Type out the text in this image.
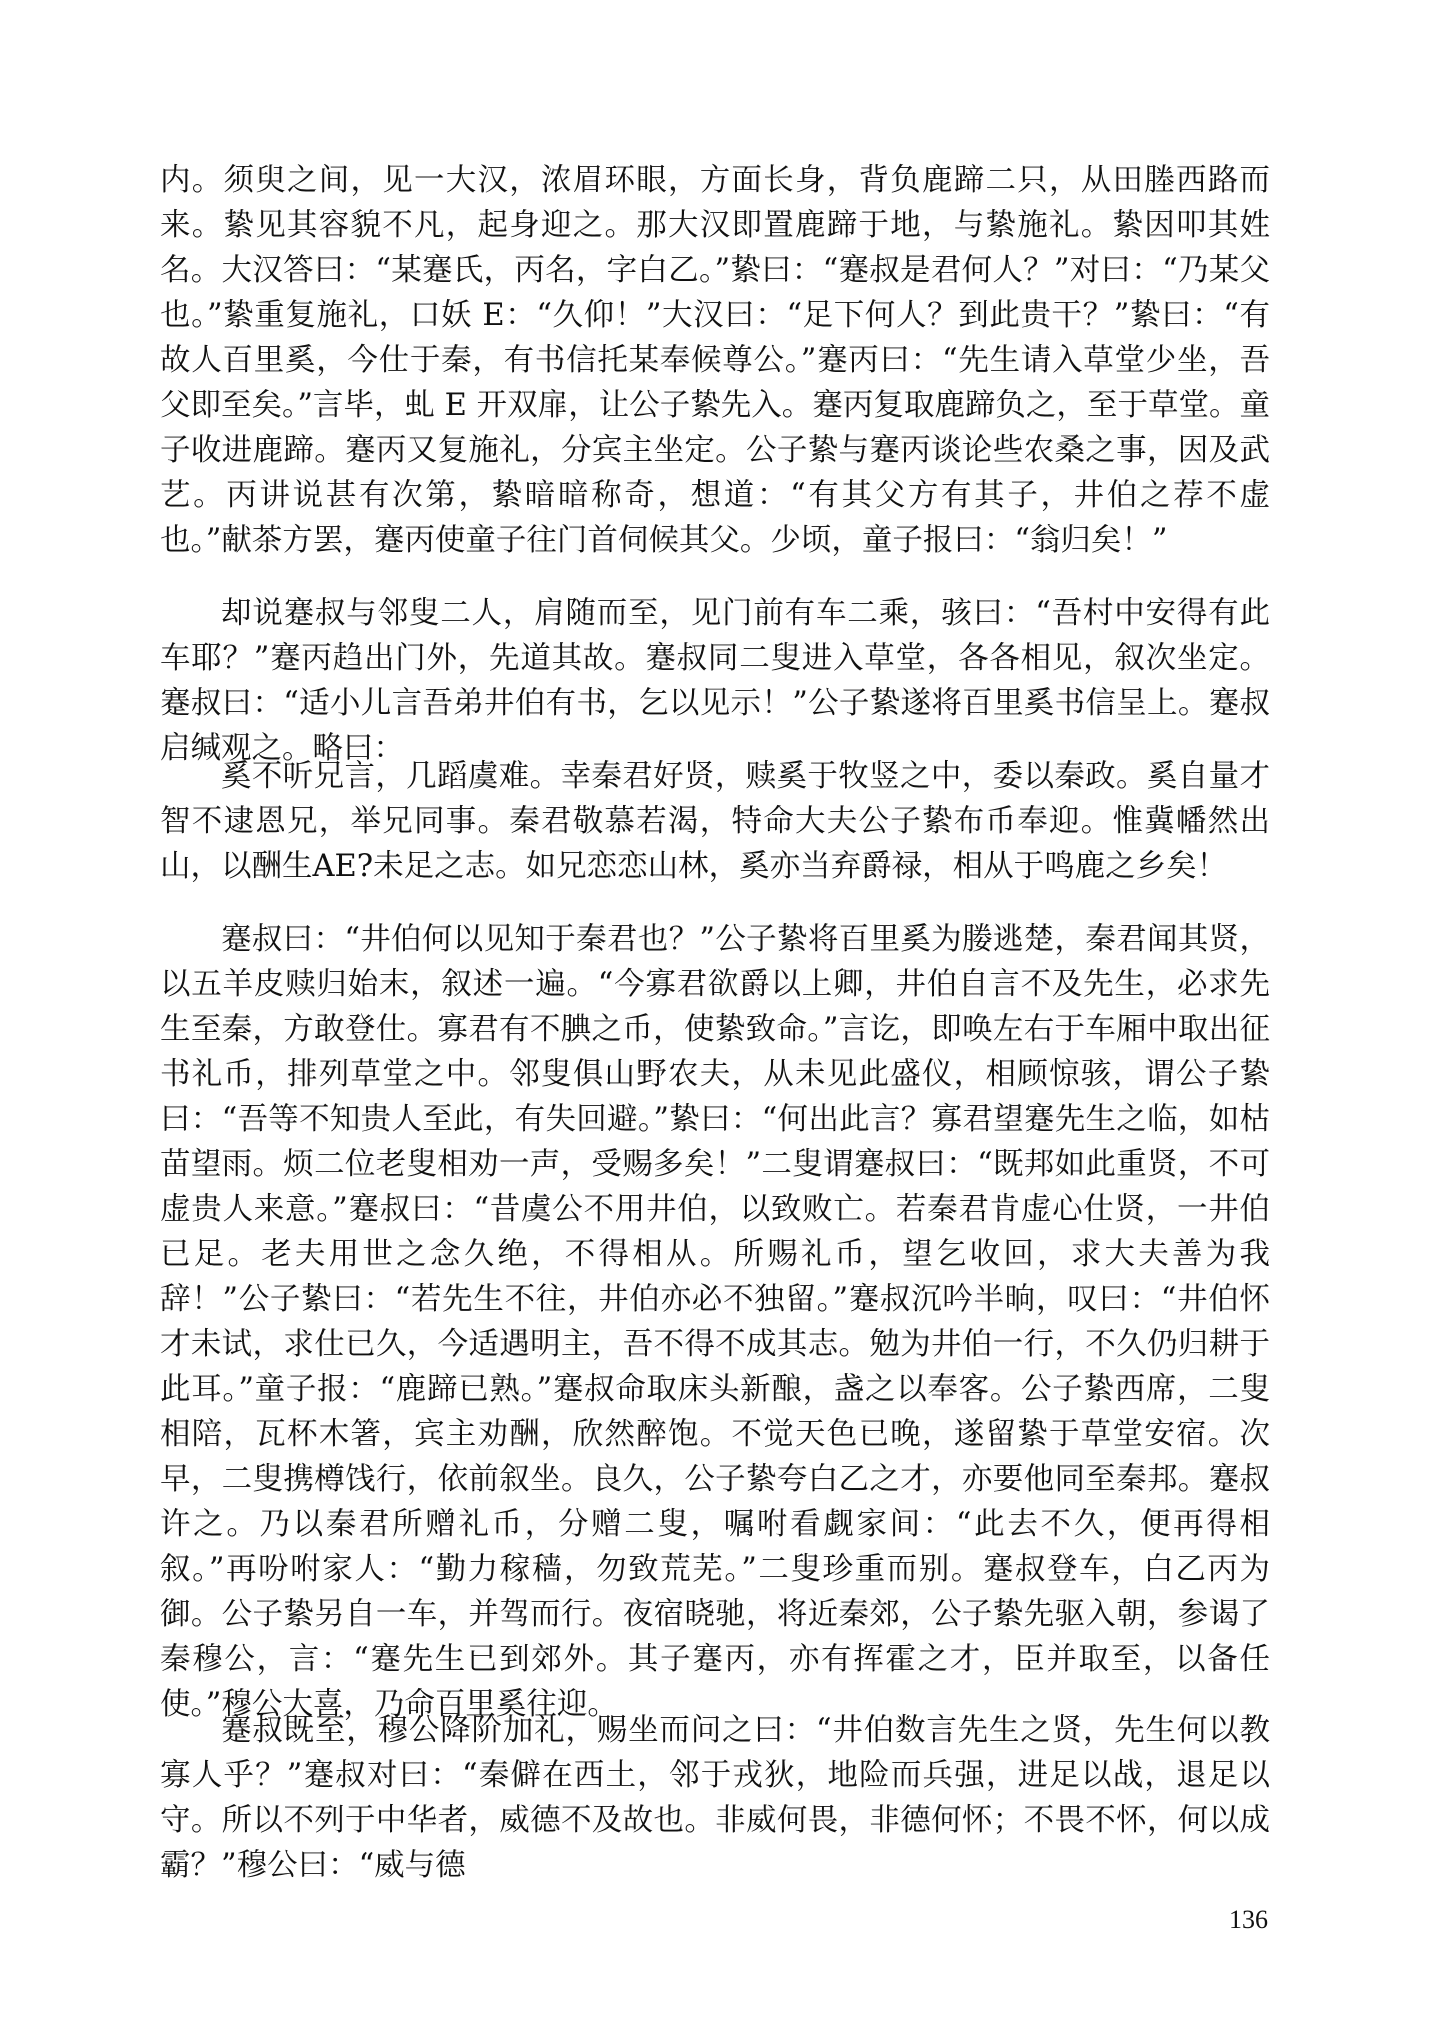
内。须臾之间，见一大汉，浓眉环眼，方面长身，背负鹿蹄二只，从田塍西路而来。絷见其容貌不凡，起身迎之。那大汉即置鹿蹄于地，与絷施礼。絷因叩其姓名。大汉答曰：“某蹇氏，丙名，字白乙。”絷曰：“蹇叔是君何人？”对曰：“乃某父也。”絷重复施礼，口妖 E：“久仰！”大汉曰：“足下何人？到此贵干？”絷曰：“有故人百里奚，今仕于秦，有书信托某奉候尊公。”蹇丙曰：“先生请入草堂少坐，吾父即至矣。”言毕，虬 E 开双扉，让公子絷先入。蹇丙复取鹿蹄负之，至于草堂。童子收进鹿蹄。蹇丙又复施礼，分宾主坐定。公子絷与蹇丙谈论些农桑之事，因及武艺。丙讲说甚有次第，絷暗暗称奇，想道：“有其父方有其子，井伯之荐不虚也。”献茶方罢，蹇丙使童子往门首伺候其父。少顷，童子报曰：“翁归矣！”

却说蹇叔与邻叟二人，肩随而至，见门前有车二乘，骇曰：“吾村中安得有此车耶？”蹇丙趋出门外，先道其故。蹇叔同二叟进入草堂，各各相见，叙次坐定。蹇叔曰：“适小儿言吾弟井伯有书，乞以见示！”公子絷遂将百里奚书信呈上。蹇叔启缄观之。略曰：

奚不听兄言，几蹈虞难。幸秦君好贤，赎奚于牧竖之中，委以秦政。奚自量才智不逮恩兄，举兄同事。秦君敬慕若渴，特命大夫公子絷布币奉迎。惟冀幡然出山，以酬生AE?未足之志。如兄恋恋山林，奚亦当弃爵禄，相从于鸣鹿之乡矣！

蹇叔曰：“井伯何以见知于秦君也？”公子絷将百里奚为媵逃楚，秦君闻其贤，以五羊皮赎归始末，叙述一遍。“今寡君欲爵以上卿，井伯自言不及先生，必求先生至秦，方敢登仕。寡君有不腆之币，使絷致命。”言讫，即唤左右于车厢中取出征书礼币，排列草堂之中。邻叟俱山野农夫，从未见此盛仪，相顾惊骇，谓公子絷曰：“吾等不知贵人至此，有失回避。”絷曰：“何出此言？寡君望蹇先生之临，如枯苗望雨。烦二位老叟相劝一声，受赐多矣！”二叟谓蹇叔曰：“既邦如此重贤，不可虚贵人来意。”蹇叔曰：“昔虞公不用井伯，以致败亡。若秦君肯虚心仕贤，一井伯已足。老夫用世之念久绝，不得相从。所赐礼币，望乞收回，求大夫善为我辞！”公子絷曰：“若先生不往，井伯亦必不独留。”蹇叔沉吟半晌，叹曰：“井伯怀才未试，求仕已久，今适遇明主，吾不得不成其志。勉为井伯一行，不久仍归耕于此耳。”童子报：“鹿蹄已熟。”蹇叔命取床头新酿，盏之以奉客。公子絷西席，二叟相陪，瓦杯木箸，宾主劝酬，欣然醉饱。不觉天色已晚，遂留絷于草堂安宿。次早，二叟携樽饯行，依前叙坐。良久，公子絷夸白乙之才，亦要他同至秦邦。蹇叔许之。乃以秦君所赠礼币，分赠二叟，嘱咐看觑家间：“此去不久，便再得相叙。”再吩咐家人：“勤力稼穑，勿致荒芜。”二叟珍重而别。蹇叔登车，白乙丙为御。公子絷另自一车，并驾而行。夜宿晓驰，将近秦郊，公子絷先驱入朝，参谒了秦穆公，言：“蹇先生已到郊外。其子蹇丙，亦有挥霍之才，臣并取至，以备任使。”穆公大喜，乃命百里奚往迎。

蹇叔既至，穆公降阶加礼，赐坐而问之曰：“井伯数言先生之贤，先生何以教寡人乎？”蹇叔对曰：“秦僻在西土，邻于戎狄，地险而兵强，进足以战，退足以守。所以不列于中华者，威德不及故也。非威何畏，非德何怀；不畏不怀，何以成霸？”穆公曰：“威与德

136
